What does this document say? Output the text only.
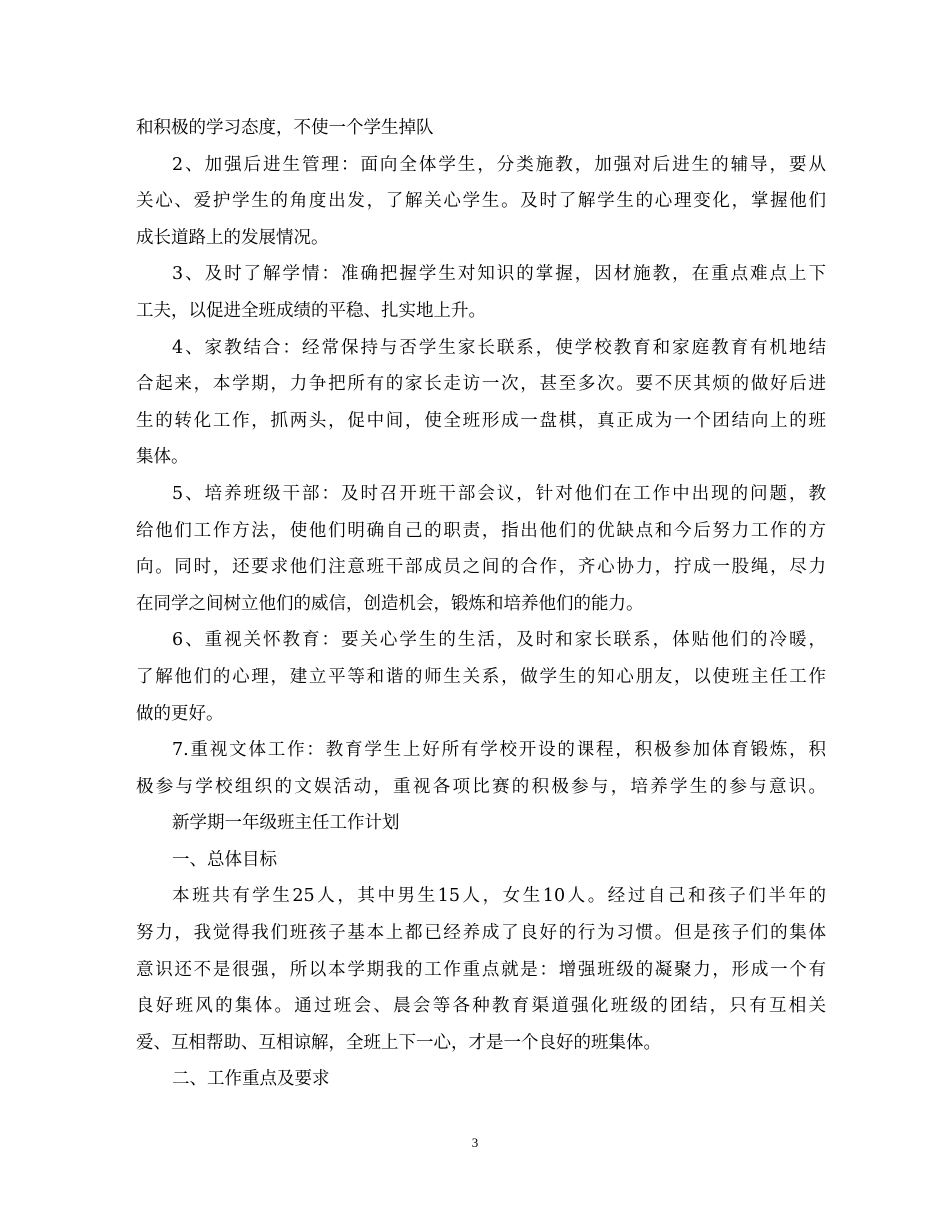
和积极的学习态度，不使一个学生掉队
2、加强后进生管理：面向全体学生，分类施教，加强对后进生的辅导，要从
关心、爱护学生的角度出发，了解关心学生。及时了解学生的心理变化，掌握他们
成长道路上的发展情况。
3、及时了解学情：准确把握学生对知识的掌握，因材施教，在重点难点上下
工夫，以促进全班成绩的平稳、扎实地上升。
4、家教结合：经常保持与否学生家长联系，使学校教育和家庭教育有机地结
合起来，本学期，力争把所有的家长走访一次，甚至多次。要不厌其烦的做好后进
生的转化工作，抓两头，促中间，使全班形成一盘棋，真正成为一个团结向上的班
集体。
5、培养班级干部：及时召开班干部会议，针对他们在工作中出现的问题，教
给他们工作方法，使他们明确自己的职责，指出他们的优缺点和今后努力工作的方
向。同时，还要求他们注意班干部成员之间的合作，齐心协力，拧成一股绳，尽力
在同学之间树立他们的威信，创造机会，锻炼和培养他们的能力。
6、重视关怀教育：要关心学生的生活，及时和家长联系，体贴他们的冷暖，
了解他们的心理，建立平等和谐的师生关系，做学生的知心朋友，以使班主任工作
做的更好。
7.重视文体工作：教育学生上好所有学校开设的课程，积极参加体育锻炼，积
极参与学校组织的文娱活动，重视各项比赛的积极参与，培养学生的参与意识。
新学期一年级班主任工作计划
一、总体目标
本班共有学生25人，其中男生15人，女生10人。经过自己和孩子们半年的
努力，我觉得我们班孩子基本上都已经养成了良好的行为习惯。但是孩子们的集体
意识还不是很强，所以本学期我的工作重点就是：增强班级的凝聚力，形成一个有
良好班风的集体。通过班会、晨会等各种教育渠道强化班级的团结，只有互相关
爱、互相帮助、互相谅解，全班上下一心，才是一个良好的班集体。
二、工作重点及要求
3
